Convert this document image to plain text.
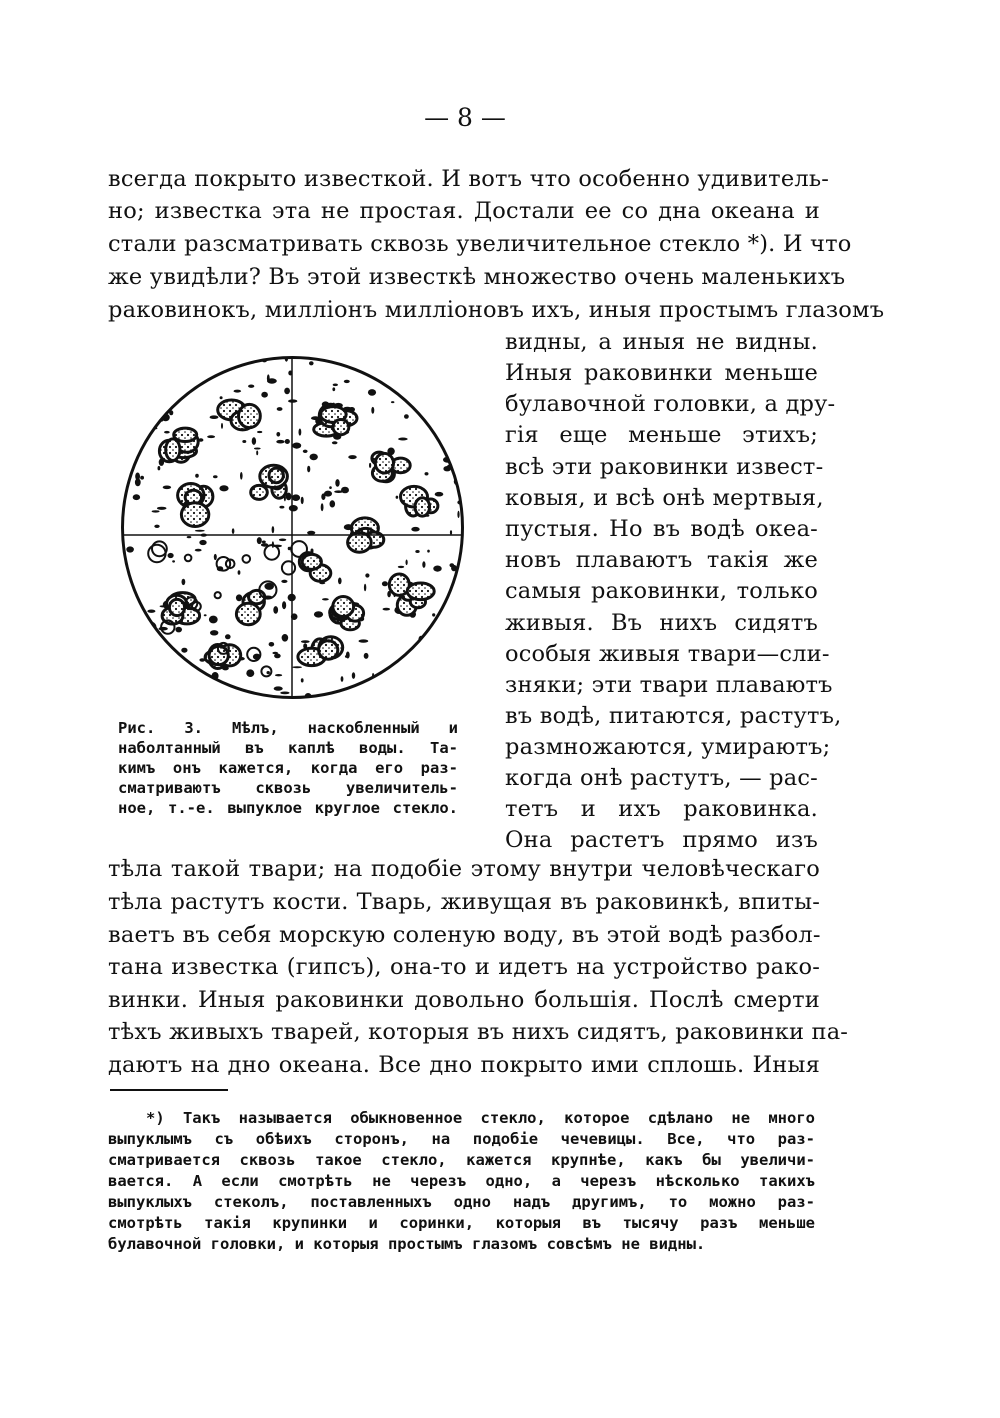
— 8 —
всегда покрыто известкой. И вотъ что особенно удивитель-
но; известка эта не простая. Достали ее со дна океана и
стали разсматривать сквозь увеличительное стекло *). И что
же увидѣли? Въ этой известкѣ множество очень маленькихъ
раковинокъ, милліонъ милліоновъ ихъ, иныя простымъ глазомъ
видны, а иныя не видны.
Иныя раковинки меньше
булавочной головки, а дру-
гія еще меньше этихъ;
всѣ эти раковинки извест-
ковыя, и всѣ онѣ мертвыя,
пустыя. Но въ водѣ океа-
новъ плаваютъ такія же
самыя раковинки, только
живыя. Въ нихъ сидятъ
особыя живыя твари—сли-
зняки; эти твари плаваютъ
въ водѣ, питаются, растутъ,
размножаются, умираютъ;
когда онѣ растутъ, — рас-
тетъ и ихъ раковинка.
Она растетъ прямо изъ
Рис. 3. Мѣлъ, наскобленный и
наболтанный въ каплѣ воды. Та-
кимъ онъ кажется, когда его раз-
сматриваютъ сквозь увеличитель-
ное, т.-е. выпуклое круглое стекло.
тѣла такой твари; на подобіе этому внутри человѣческаго
тѣла растутъ кости. Тварь, живущая въ раковинкѣ, впиты-
ваетъ въ себя морскую соленую воду, въ этой водѣ разбол-
тана известка (гипсъ), она-то и идетъ на устройство рако-
винки. Иныя раковинки довольно большія. Послѣ смерти
тѣхъ живыхъ тварей, которыя въ нихъ сидятъ, раковинки па-
даютъ на дно океана. Все дно покрыто ими сплошь. Иныя
*) Такъ называется обыкновенное стекло, которое сдѣлано не много
выпуклымъ съ обѣихъ сторонъ, на подобіе чечевицы. Все, что раз-
сматривается сквозь такое стекло, кажется крупнѣе, какъ бы увеличи-
вается. А если смотрѣть не черезъ одно, а черезъ нѣсколько такихъ
выпуклыхъ стеколъ, поставленныхъ одно надъ другимъ, то можно раз-
смотрѣть такія крупинки и соринки, которыя въ тысячу разъ меньше
булавочной головки, и которыя простымъ глазомъ совсѣмъ не видны.
